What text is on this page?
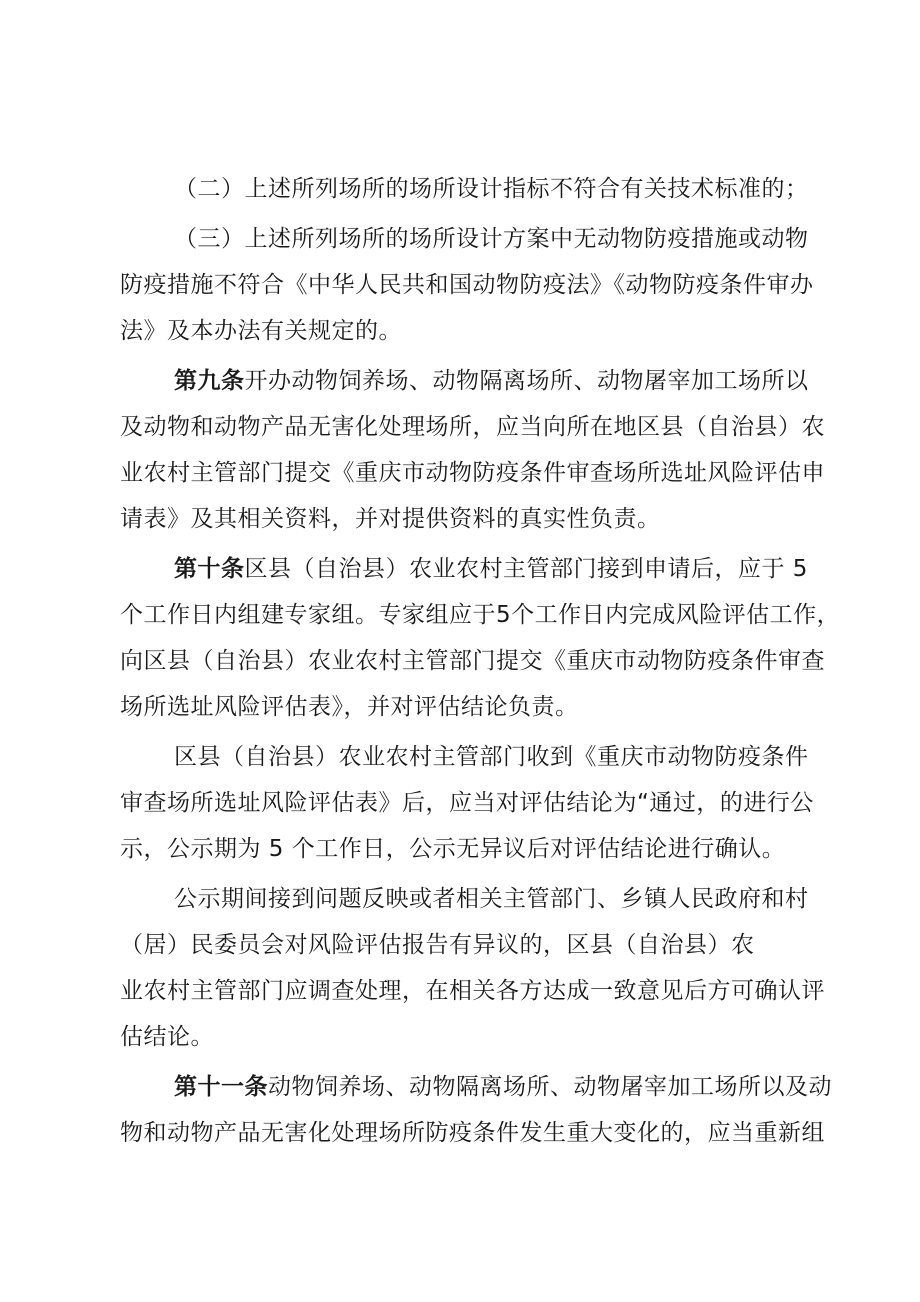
（二）上述所列场所的场所设计指标不符合有关技术标准的；
（三）上述所列场所的场所设计方案中无动物防疫措施或动物
防疫措施不符合《中华人民共和国动物防疫法》《动物防疫条件审办
法》及本办法有关规定的。
第九条开办动物饲养场、动物隔离场所、动物屠宰加工场所以
及动物和动物产品无害化处理场所，应当向所在地区县（自治县）农
业农村主管部门提交《重庆市动物防疫条件审查场所选址风险评估申
请表》及其相关资料，并对提供资料的真实性负责。
第十条区县（自治县）农业农村主管部门接到申请后，应于 5
个工作日内组建专家组。专家组应于5个工作日内完成风险评估工作，
向区县（自治县）农业农村主管部门提交《重庆市动物防疫条件审查
场所选址风险评估表》，并对评估结论负责。
区县（自治县）农业农村主管部门收到《重庆市动物防疫条件
审查场所选址风险评估表》后，应当对评估结论为“通过，的进行公
示，公示期为 5 个工作日，公示无异议后对评估结论进行确认。
公示期间接到问题反映或者相关主管部门、乡镇人民政府和村
（居）民委员会对风险评估报告有异议的，区县（自治县）农
业农村主管部门应调查处理，在相关各方达成一致意见后方可确认评
估结论。
第十一条动物饲养场、动物隔离场所、动物屠宰加工场所以及动
物和动物产品无害化处理场所防疫条件发生重大变化的，应当重新组
